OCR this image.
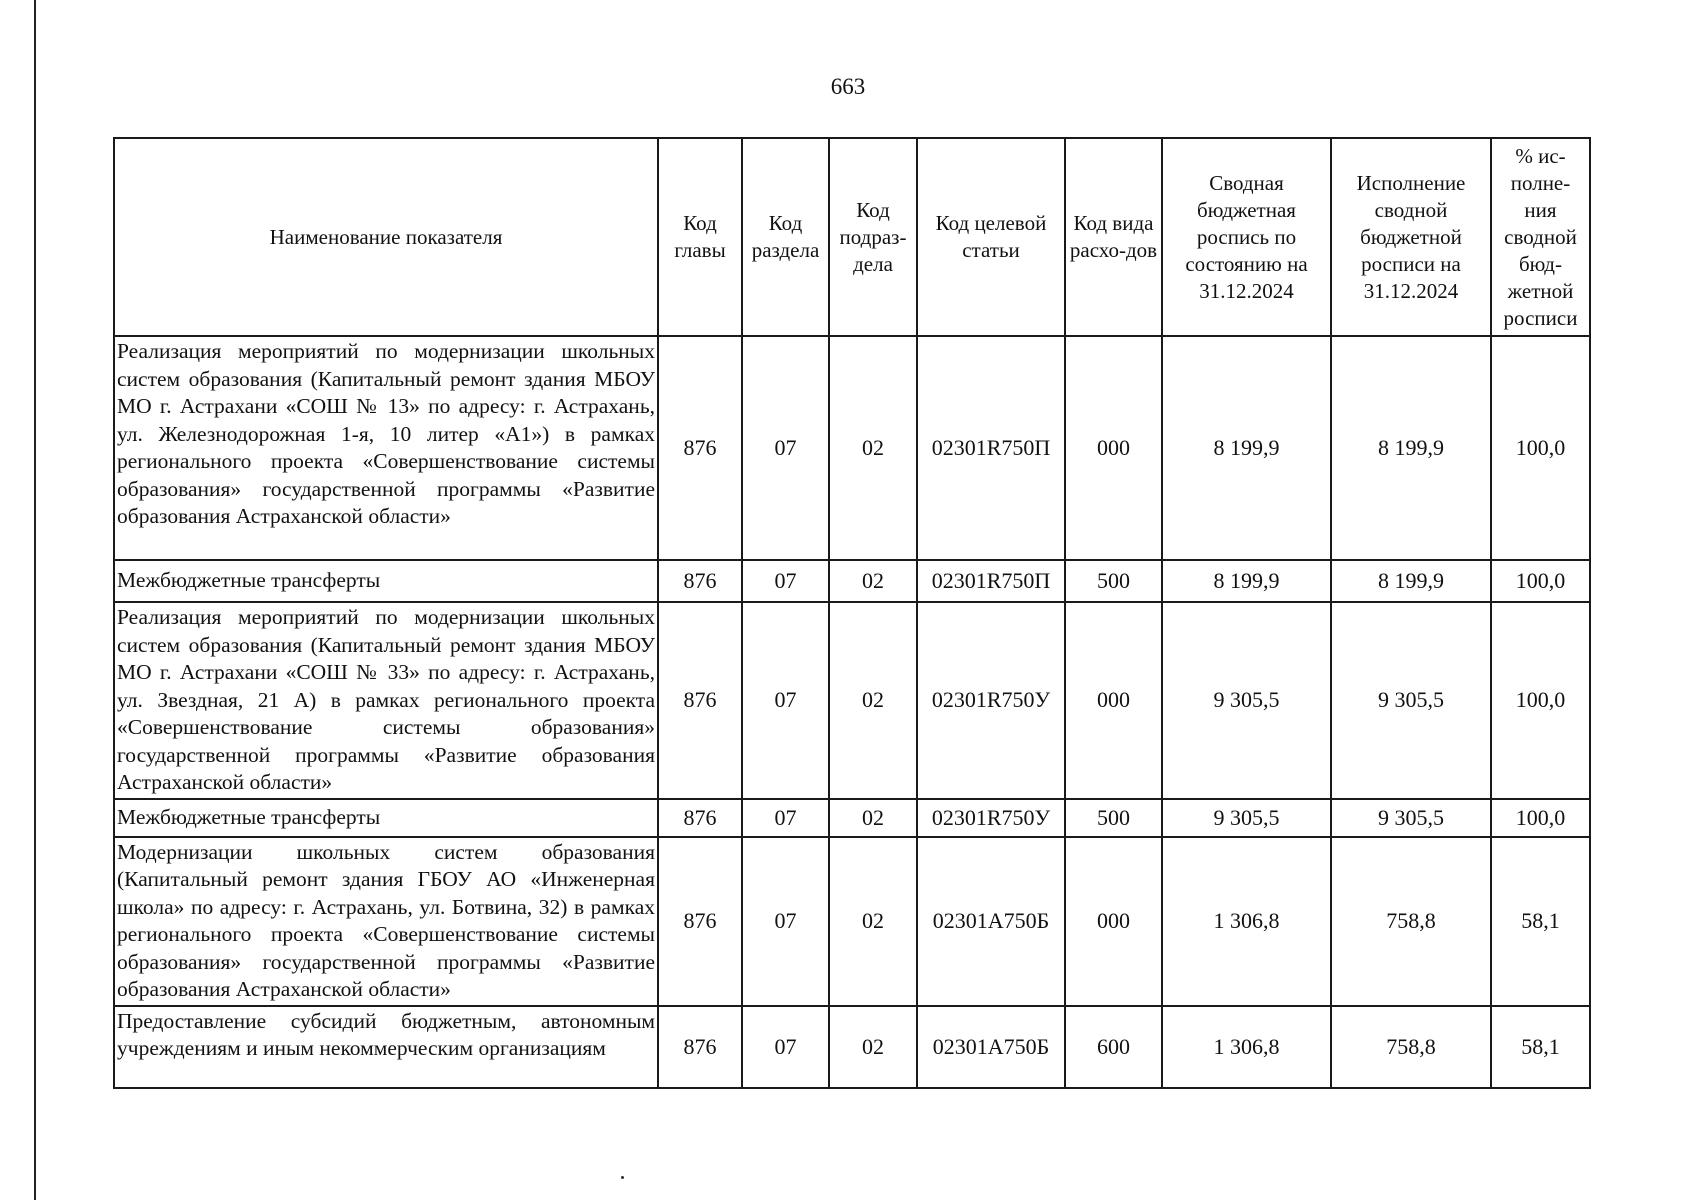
663
Наименование показателя	Код главы	Код раздела	Код подраз-дела	Код целевой статьи	Код вида расхо-дов	Сводная бюджетная роспись по состоянию на 31.12.2024	Исполнение сводной бюджетной росписи на 31.12.2024	% ис-полне-ния сводной бюд-жетной росписи
Реализация мероприятий по модернизации школьных систем образования (Капитальный ремонт здания МБОУ МО г. Астрахани «СОШ № 13» по адресу: г. Астрахань, ул. Железнодорожная 1-я, 10 литер «А1») в рамках регионального проекта «Совершенствование системы образования» государственной программы «Развитие образования Астраханской области»	876	07	02	02301R750П	000	8 199,9	8 199,9	100,0
Межбюджетные трансферты	876	07	02	02301R750П	500	8 199,9	8 199,9	100,0
Реализация мероприятий по модернизации школьных систем образования (Капитальный ремонт здания МБОУ МО г. Астрахани «СОШ № 33» по адресу: г. Астрахань, ул. Звездная, 21 А) в рамках регионального проекта «Совершенствование системы образования» государственной программы «Развитие образования Астраханской области»	876	07	02	02301R750У	000	9 305,5	9 305,5	100,0
Межбюджетные трансферты	876	07	02	02301R750У	500	9 305,5	9 305,5	100,0
Модернизации школьных систем образования (Капитальный ремонт здания ГБОУ АО «Инженерная школа» по адресу: г. Астрахань, ул. Ботвина, 32) в рамках регионального проекта «Совершенствование системы образования» государственной программы «Развитие образования Астраханской области»	876	07	02	02301A750Б	000	1 306,8	758,8	58,1
Предоставление субсидий бюджетным, автономным учреждениям и иным некоммерческим организациям	876	07	02	02301A750Б	600	1 306,8	758,8	58,1
